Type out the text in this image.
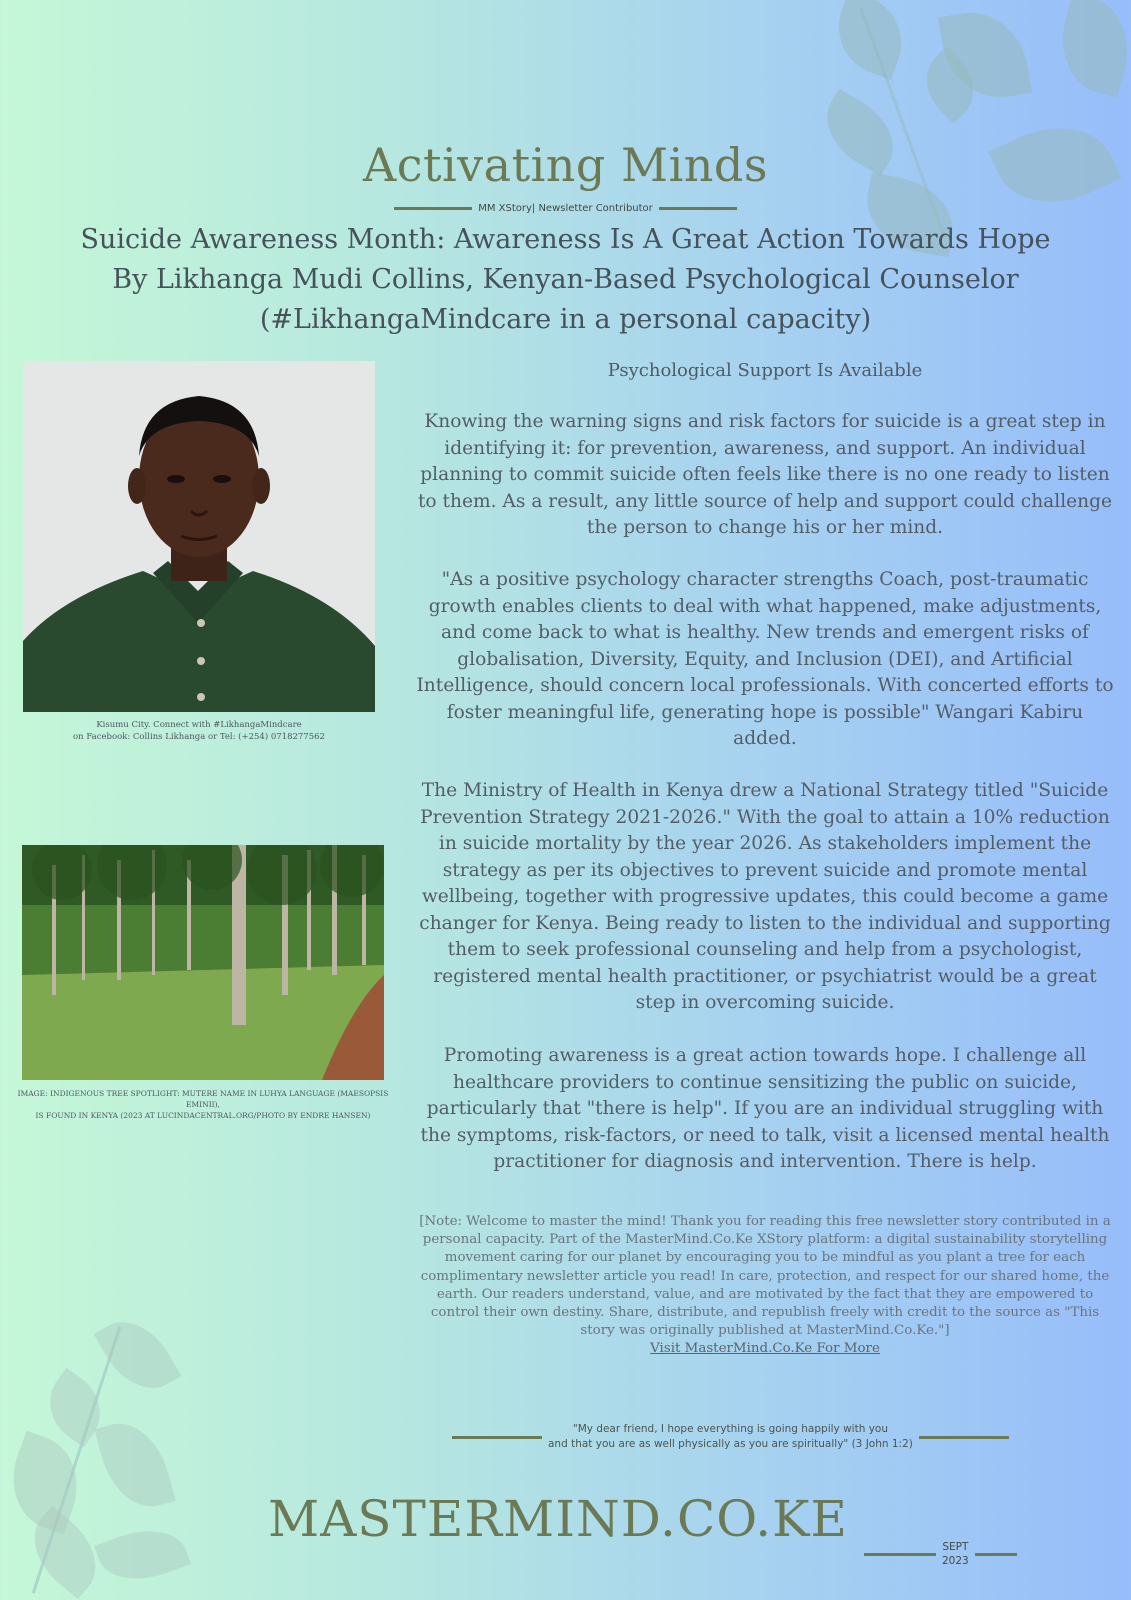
Activating Minds
MM XStory| Newsletter Contributor
Suicide Awareness Month: Awareness Is A Great Action Towards Hope
By Likhanga Mudi Collins, Kenyan-Based Psychological Counselor
(#LikhangaMindcare in a personal capacity)
Kisumu City. Connect with #LikhangaMindcare
on Facebook: Collins Likhanga or Tel: (+254) 0718277562
IMAGE: INDIGENOUS TREE SPOTLIGHT: MUTERE NAME IN LUHYA LANGUAGE (MAESOPSIS EMINII),
IS FOUND IN KENYA (2023 AT LUCINDACENTRAL.ORG/PHOTO BY ENDRE HANSEN)
Psychological Support Is Available

Knowing the warning signs and risk factors for suicide is a great step in identifying it: for prevention, awareness, and support. An individual planning to commit suicide often feels like there is no one ready to listen to them. As a result, any little source of help and support could challenge the person to change his or her mind.

"As a positive psychology character strengths Coach, post-traumatic growth enables clients to deal with what happened, make adjustments, and come back to what is healthy. New trends and emergent risks of globalisation, Diversity, Equity, and Inclusion (DEI), and Artificial Intelligence, should concern local professionals. With concerted efforts to foster meaningful life, generating hope is possible" Wangari Kabiru added.

The Ministry of Health in Kenya drew a National Strategy titled "Suicide Prevention Strategy 2021-2026." With the goal to attain a 10% reduction in suicide mortality by the year 2026. As stakeholders implement the strategy as per its objectives to prevent suicide and promote mental wellbeing, together with progressive updates, this could become a game changer for Kenya. Being ready to listen to the individual and supporting them to seek professional counseling and help from a psychologist, registered mental health practitioner, or psychiatrist would be a great step in overcoming suicide.

Promoting awareness is a great action towards hope. I challenge all healthcare providers to continue sensitizing the public on suicide, particularly that "there is help". If you are an individual struggling with the symptoms, risk-factors, or need to talk, visit a licensed mental health practitioner for diagnosis and intervention. There is help.

[Note: Welcome to master the mind! Thank you for reading this free newsletter story contributed in a personal capacity. Part of the MasterMind.Co.Ke XStory platform: a digital sustainability storytelling movement caring for our planet by encouraging you to be mindful as you plant a tree for each complimentary newsletter article you read! In care, protection, and respect for our shared home, the earth. Our readers understand, value, and are motivated by the fact that they are empowered to control their own destiny. Share, distribute, and republish freely with credit to the source as "This story was originally published at MasterMind.Co.Ke."]
Visit MasterMind.Co.Ke For More
"My dear friend, I hope everything is going happily with you
and that you are as well physically as you are spiritually" (3 John 1:2)
MASTERMIND.CO.KE	SEPT
2023
